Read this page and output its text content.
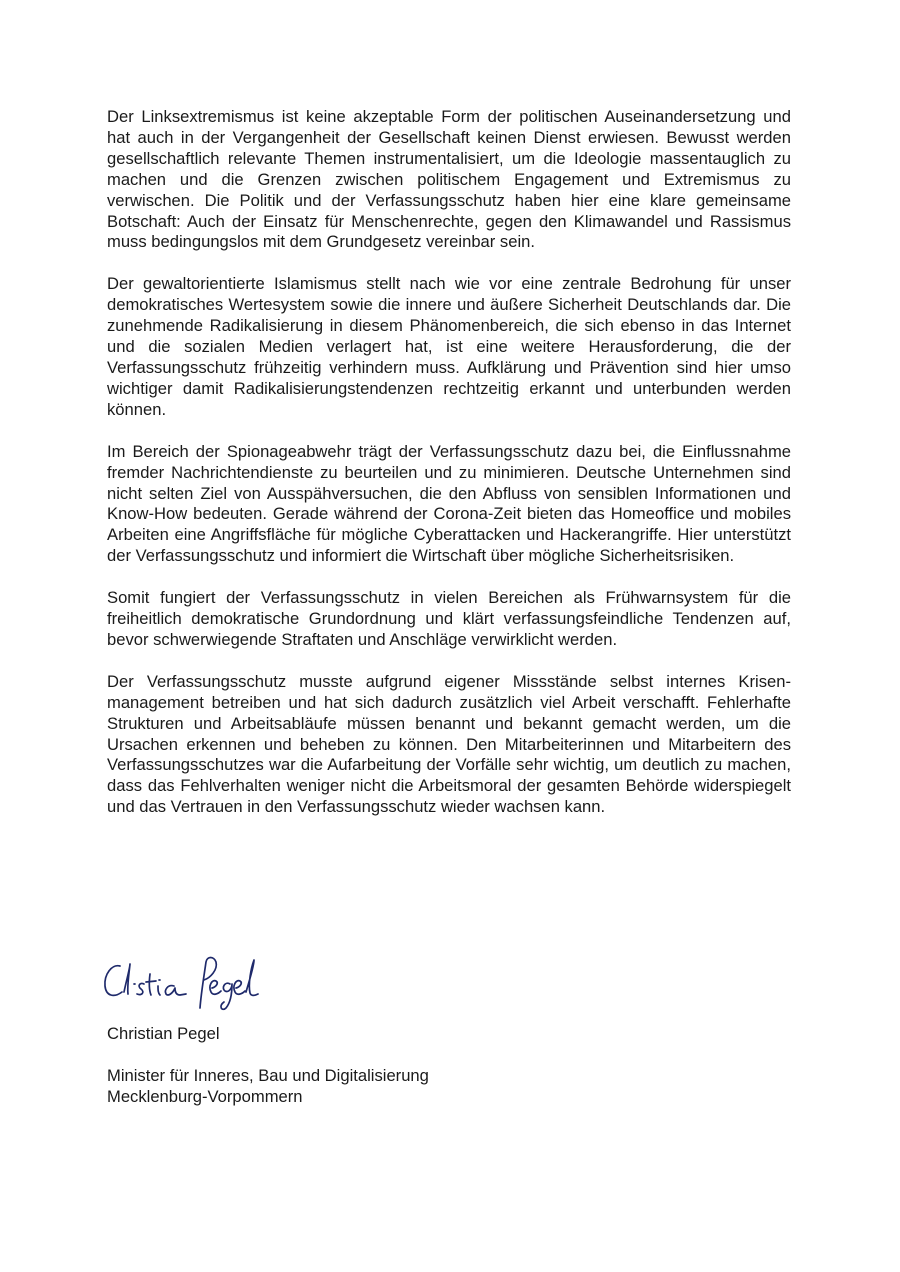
Der Linksextremismus ist keine akzeptable Form der politischen Auseinandersetzung und hat auch in der Vergangenheit der Gesellschaft keinen Dienst erwiesen. Bewusst werden gesellschaftlich relevante Themen instrumentalisiert, um die Ideologie massentauglich zu machen und die Grenzen zwischen politischem Engagement und Extremismus zu verwischen. Die Politik und der Verfassungsschutz haben hier eine klare gemeinsame Botschaft: Auch der Einsatz für Menschenrechte, gegen den Klimawandel und Rassismus muss bedingungslos mit dem Grundgesetz vereinbar sein.

Der gewaltorientierte Islamismus stellt nach wie vor eine zentrale Bedrohung für unser demokratisches Wertesystem sowie die innere und äußere Sicherheit Deutschlands dar. Die zunehmende Radikalisierung in diesem Phänomenbereich, die sich ebenso in das Internet und die sozialen Medien verlagert hat, ist eine weitere Herausforderung, die der Verfassungsschutz frühzeitig verhindern muss. Aufklärung und Prävention sind hier umso wichtiger damit Radikalisierungstendenzen rechtzeitig erkannt und unterbunden werden können.

Im Bereich der Spionageabwehr trägt der Verfassungsschutz dazu bei, die Einflussnahme fremder Nachrichtendienste zu beurteilen und zu minimieren. Deutsche Unternehmen sind nicht selten Ziel von Ausspähversuchen, die den Abfluss von sensiblen Informationen und Know-How bedeuten. Gerade während der Corona-Zeit bieten das Homeoffice und mobiles Arbeiten eine Angriffsfläche für mögliche Cyberattacken und Hackerangriffe. Hier unterstützt der Verfassungsschutz und informiert die Wirtschaft über mögliche Sicherheitsrisiken.

Somit fungiert der Verfassungsschutz in vielen Bereichen als Frühwarnsystem für die freiheitlich demokratische Grundordnung und klärt verfassungsfeindliche Tendenzen auf, bevor schwerwiegende Straftaten und Anschläge verwirklicht werden.

Der Verfassungsschutz musste aufgrund eigener Missstände selbst internes Krisenmanagement betreiben und hat sich dadurch zusätzlich viel Arbeit verschafft. Fehlerhafte Strukturen und Arbeitsabläufe müssen benannt und bekannt gemacht werden, um die Ursachen erkennen und beheben zu können. Den Mitarbeiterinnen und Mitarbeitern des Verfassungsschutzes war die Aufarbeitung der Vorfälle sehr wichtig, um deutlich zu machen, dass das Fehlverhalten weniger nicht die Arbeitsmoral der gesamten Behörde widerspiegelt und das Vertrauen in den Verfassungsschutz wieder wachsen kann.

Christian Pegel

Minister für Inneres, Bau und Digitalisierung

Mecklenburg-Vorpommern
